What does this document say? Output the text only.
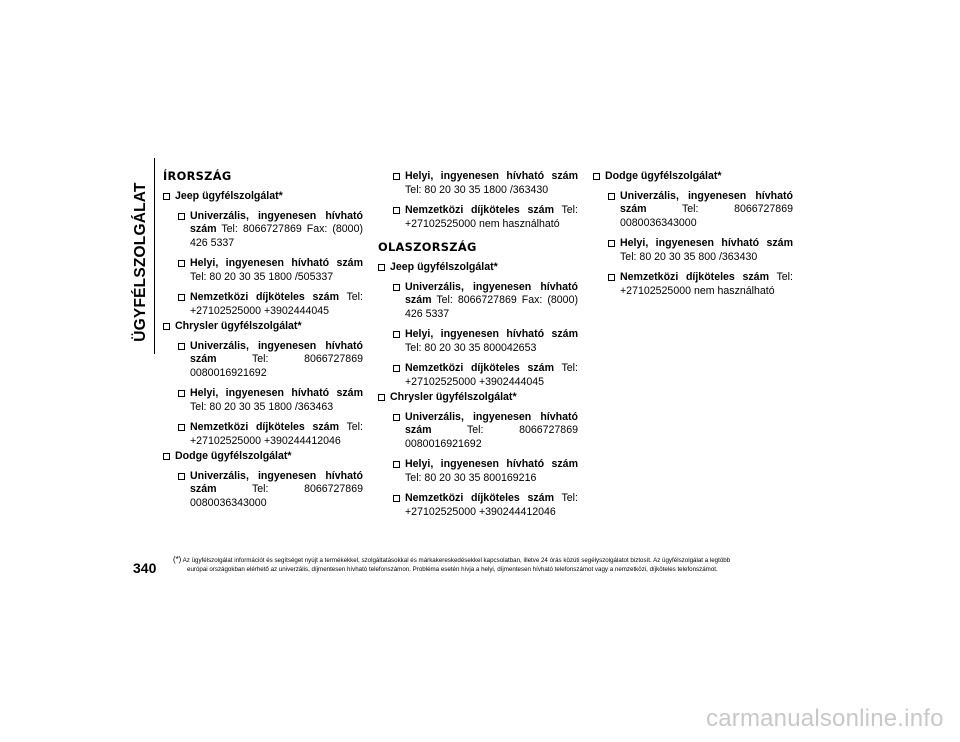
ÜGYFÉLSZOLGÁLAT
ÍRORSZÁG
Jeep ügyfélszolgálat*
Univerzális, ingyenesen hívható szám Tel: 8066727869 Fax: (8000) 426 5337
Helyi, ingyenesen hívható szám Tel: 80 20 30 35 1800 /505337
Nemzetközi díjköteles szám Tel: +27102525000 +3902444045
Chrysler ügyfélszolgálat*
Univerzális, ingyenesen hívható szám	Tel: 8066727869 0080016921692
Helyi, ingyenesen hívható szám Tel: 80 20 30 35 1800 /363463
Nemzetközi díjköteles szám Tel: +27102525000 +390244412046
Dodge ügyfélszolgálat*
Univerzális, ingyenesen hívható szám	Tel: 8066727869 0080036343000
Helyi, ingyenesen hívható szám Tel: 80 20 30 35 1800 /363430
Nemzetközi díjköteles szám Tel: +27102525000 nem használható
OLASZORSZÁG
Jeep ügyfélszolgálat*
Univerzális, ingyenesen hívható szám Tel: 8066727869 Fax: (8000) 426 5337
Helyi, ingyenesen hívható szám Tel: 80 20 30 35 800042653
Nemzetközi díjköteles szám Tel: +27102525000 +3902444045
Chrysler ügyfélszolgálat*
Univerzális, ingyenesen hívható szám	Tel: 8066727869 0080016921692
Helyi, ingyenesen hívható szám Tel: 80 20 30 35 800169216
Nemzetközi díjköteles szám Tel: +27102525000 +390244412046
Dodge ügyfélszolgálat*
Univerzális, ingyenesen hívható szám	Tel: 8066727869 0080036343000
Helyi, ingyenesen hívható szám Tel: 80 20 30 35 800 /363430
Nemzetközi díjköteles szám Tel: +27102525000 nem használható
340
(*) Az ügyfélszolgálat információt és segítséget nyújt a termékekkel, szolgáltatásokkal és márkakereskedésekkel kapcsolatban, illetve 24 órás közúti segélyszolgálatot biztosít. Az ügyfélszolgálat a legtöbb
európai országokban elérhető az univerzális, díjmentesen hívható telefonszámon. Probléma esetén hívja a helyi, díjmentesen hívható telefonszámot vagy a nemzetközi, díjköteles telefonszámot.
carmanualsonline.info
